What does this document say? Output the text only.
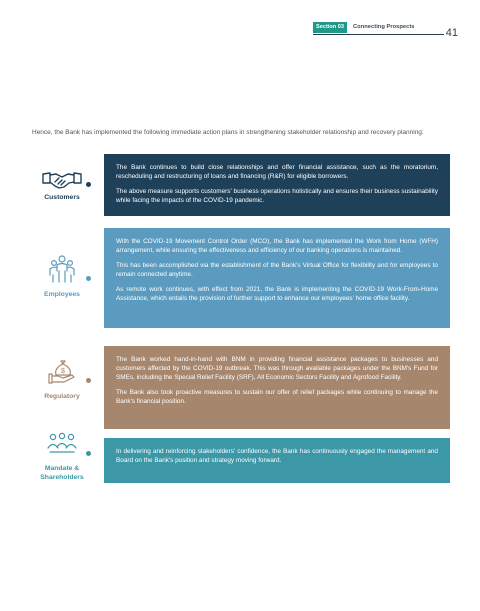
Section 03	Connecting Prospects	41
Hence, the Bank has implemented the following immediate action plans in strengthening stakeholder relationship and recovery planning:
Customers

The Bank continues to build close relationships and offer financial assistance, such as the moratorium, rescheduling and restructuring of loans and financing (R&R) for eligible borrowers.

The above measure supports customers' business operations holistically and ensures their business sustainability while facing the impacts of the COVID-19 pandemic.

Employees

With the COVID-19 Movement Control Order (MCO), the Bank has implemented the Work from Home (WFH) arrangement, while ensuring the effectiveness and efficiency of our banking operations is maintained.

This has been accomplished via the establishment of the Bank's Virtual Office for flexibility and for employees to remain connected anytime.

As remote work continues, with effect from 2021, the Bank is implementing the COVID-19 Work-From-Home Assistance, which entails the provision of further support to enhance our employees' home office facility.

$
Regulatory

The Bank worked hand-in-hand with BNM in providing financial assistance packages to businesses and customers affected by the COVID-19 outbreak. This was through available packages under the BNM's Fund for SMEs, including the Special Relief Facility (SRF), All Economic Sectors Facility and Agrofood Facility.

The Bank also took proactive measures to sustain our offer of relief packages while continuing to manage the Bank's financial position.

Mandate & Shareholders

In delivering and reinforcing stakeholders' confidence, the Bank has continuously engaged the management and Board on the Bank's position and strategy moving forward.
